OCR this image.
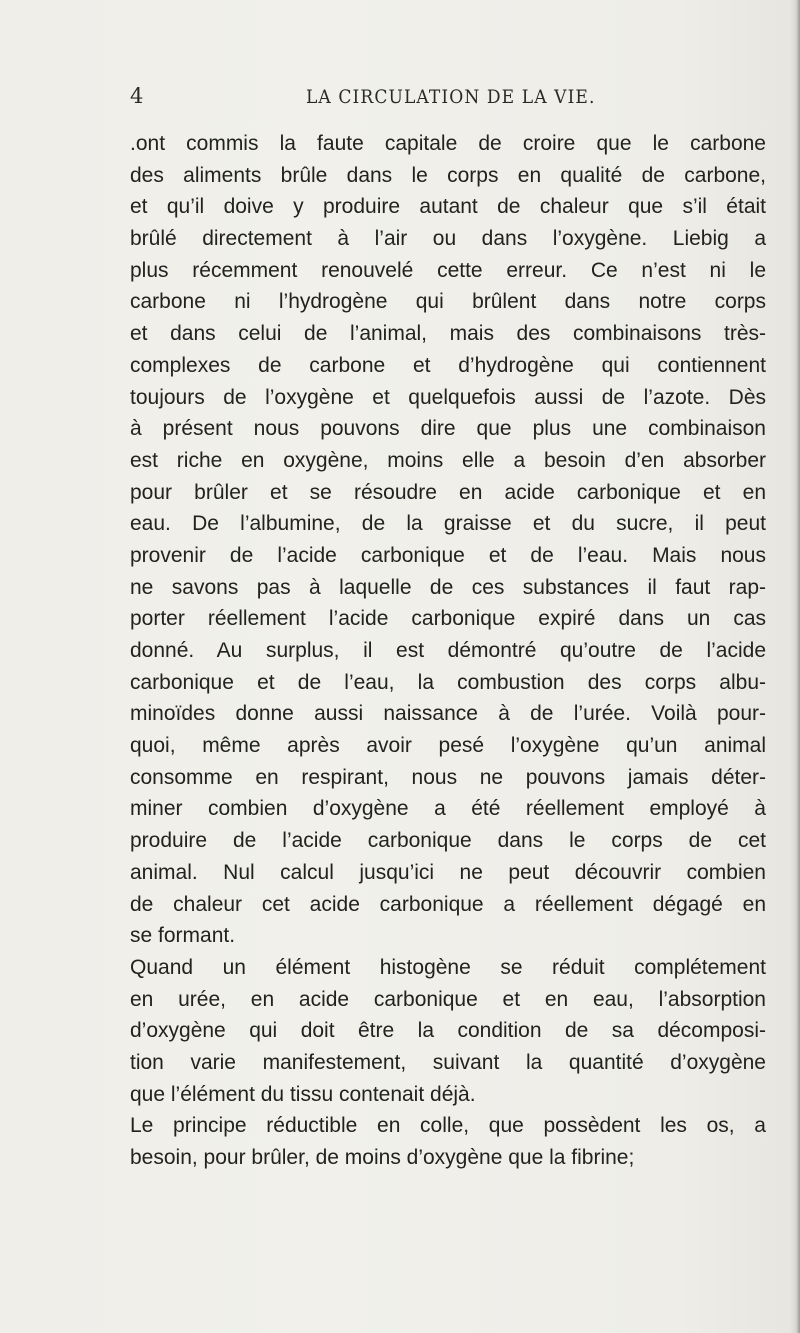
4	LA CIRCULATION DE LA VIE.
.ont commis la faute capitale de croire que le carbone
des aliments brûle dans le corps en qualité de carbone,
et qu’il doive y produire autant de chaleur que s’il était
brûlé directement à l’air ou dans l’oxygène. Liebig a
plus récemment renouvelé cette erreur. Ce n’est ni le
carbone ni l’hydrogène qui brûlent dans notre corps
et dans celui de l’animal, mais des combinaisons très-
complexes de carbone et d’hydrogène qui contiennent
toujours de l’oxygène et quelquefois aussi de l’azote. Dès
à présent nous pouvons dire que plus une combinaison
est riche en oxygène, moins elle a besoin d’en absorber
pour brûler et se résoudre en acide carbonique et en
eau. De l’albumine, de la graisse et du sucre, il peut
provenir de l’acide carbonique et de l’eau. Mais nous
ne savons pas à laquelle de ces substances il faut rap-
porter réellement l’acide carbonique expiré dans un cas
donné. Au surplus, il est démontré qu’outre de l’acide
carbonique et de l’eau, la combustion des corps albu-
minoïdes donne aussi naissance à de l’urée. Voilà pour-
quoi, même après avoir pesé l’oxygène qu’un animal
consomme en respirant, nous ne pouvons jamais déter-
miner combien d’oxygène a été réellement employé à
produire de l’acide carbonique dans le corps de cet
animal. Nul calcul jusqu’ici ne peut découvrir combien
de chaleur cet acide carbonique a réellement dégagé en
se formant.
Quand un élément histogène se réduit complétement
en urée, en acide carbonique et en eau, l’absorption
d’oxygène qui doit être la condition de sa décomposi-
tion varie manifestement, suivant la quantité d’oxygène
que l’élément du tissu contenait déjà.
Le principe réductible en colle, que possèdent les os, a
besoin, pour brûler, de moins d’oxygène que la fibrine;
